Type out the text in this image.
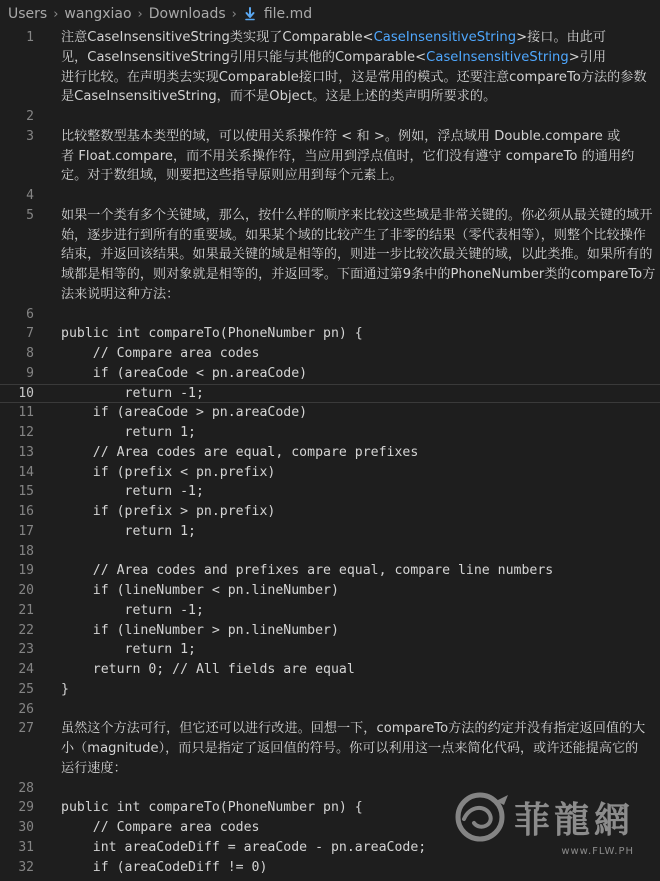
Users › wangxiao › Downloads › file.md
1 注意CaseInsensitiveString类实现了Comparable<CaseInsensitiveString>接口。由此可
见，CaseInsensitiveString引用只能与其他的Comparable<CaseInsensitiveString>引用
进行比较。在声明类去实现Comparable接口时，这是常用的模式。还要注意compareTo方法的参数
是CaseInsensitiveString，而不是Object。这是上述的类声明所要求的。
2
3 比较整数型基本类型的域，可以使用关系操作符 < 和 >。例如，浮点域用 Double.compare 或
者 Float.compare，而不用关系操作符，当应用到浮点值时，它们没有遵守 compareTo 的通用约
定。对于数组域，则要把这些指导原则应用到每个元素上。
4
5 如果一个类有多个关键域，那么，按什么样的顺序来比较这些域是非常关键的。你必须从最关键的域开
始，逐步进行到所有的重要域。如果某个域的比较产生了非零的结果（零代表相等），则整个比较操作
结束，并返回该结果。如果最关键的域是相等的，则进一步比较次最关键的域，以此类推。如果所有的
域都是相等的，则对象就是相等的，并返回零。下面通过第9条中的PhoneNumber类的compareTo方
法来说明这种方法：
6
7 public int compareTo(PhoneNumber pn) {
8 // Compare area codes
9 if (areaCode < pn.areaCode)
10 return -1;
11 if (areaCode > pn.areaCode)
12 return 1;
13 // Area codes are equal, compare prefixes
14 if (prefix < pn.prefix)
15 return -1;
16 if (prefix > pn.prefix)
17 return 1;
18
19 // Area codes and prefixes are equal, compare line numbers
20 if (lineNumber < pn.lineNumber)
21 return -1;
22 if (lineNumber > pn.lineNumber)
23 return 1;
24 return 0; // All fields are equal
25 }
26
27 虽然这个方法可行，但它还可以进行改进。回想一下，compareTo方法的约定并没有指定返回值的大
小（magnitude），而只是指定了返回值的符号。你可以利用这一点来简化代码，或许还能提高它的
运行速度：
28
29 public int compareTo(PhoneNumber pn) {
30 // Compare area codes
31 int areaCodeDiff = areaCode - pn.areaCode;
32 if (areaCodeDiff != 0)
菲龍網
www.FLW.PH
